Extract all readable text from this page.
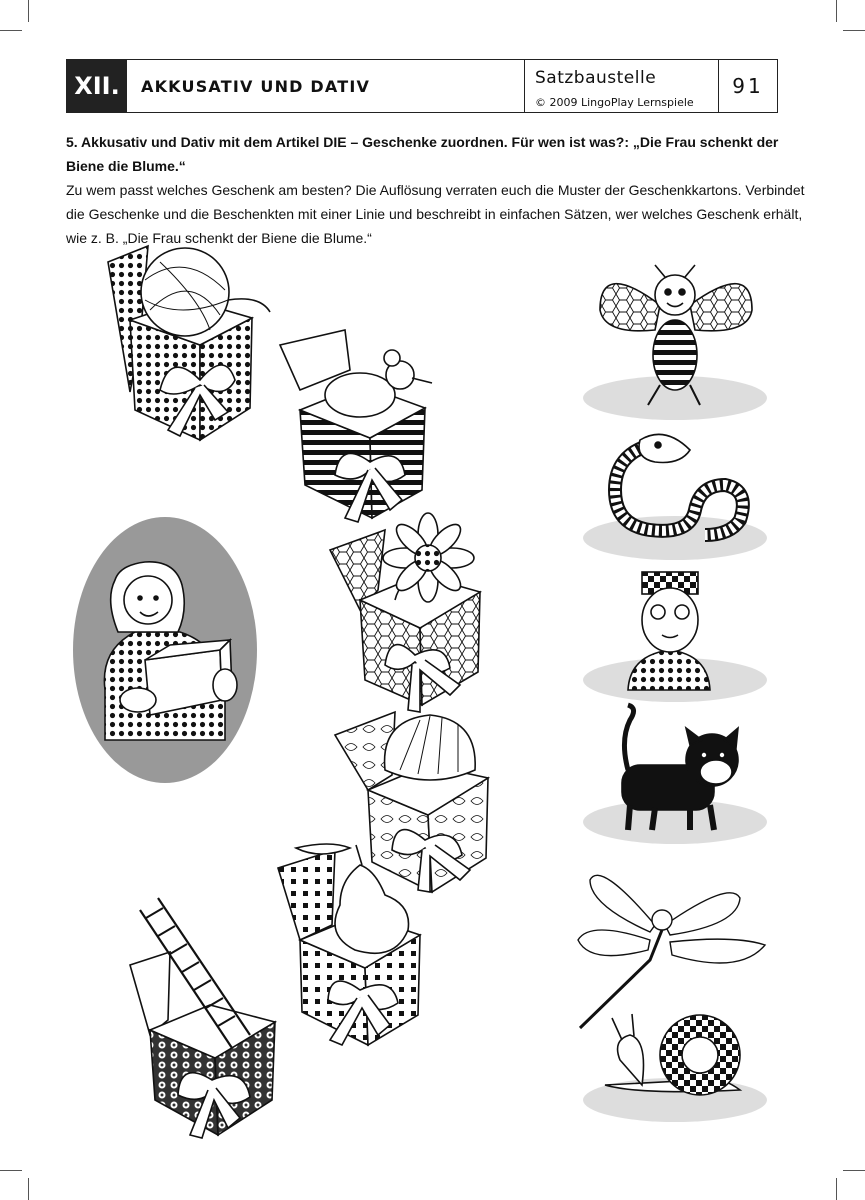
XII.	AKKUSATIV UND DATIV	Satzbaustelle
© 2009 LingoPlay Lernspiele
91
5. Akkusativ und Dativ mit dem Artikel DIE – Geschenke zuordnen. Für wen ist was?: „Die Frau schenkt der Biene die Blume.“
Zu wem passt welches Geschenk am besten? Die Auflösung verraten euch die Muster der Geschenkkartons. Verbindet die Geschenke und die Beschenkten mit einer Linie und beschreibt in einfachen Sätzen, wer welches Geschenk erhält, wie z. B. „Die Frau schenkt der Biene die Blume.“
